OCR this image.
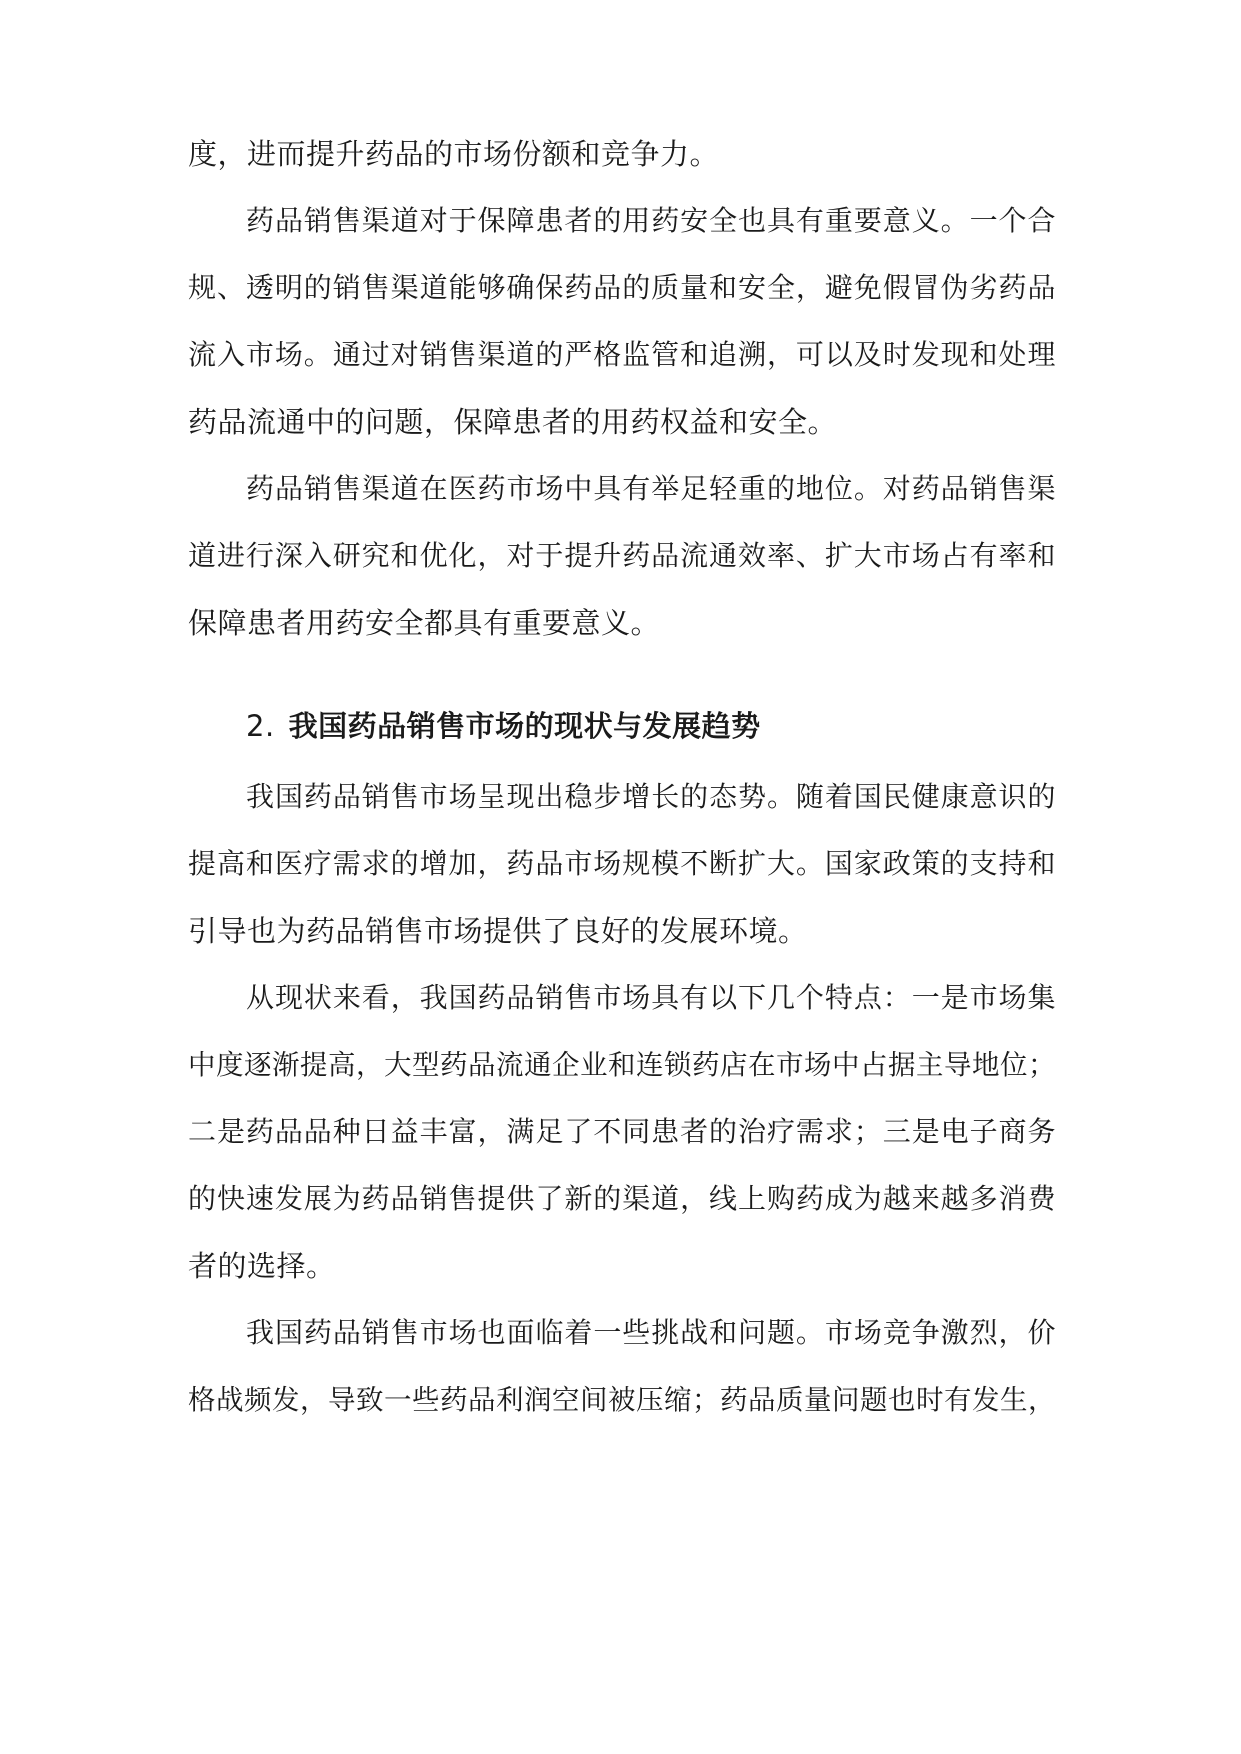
度，进而提升药品的市场份额和竞争力。
药品销售渠道对于保障患者的用药安全也具有重要意义。一个合
规、透明的销售渠道能够确保药品的质量和安全，避免假冒伪劣药品
流入市场。通过对销售渠道的严格监管和追溯，可以及时发现和处理
药品流通中的问题，保障患者的用药权益和安全。
药品销售渠道在医药市场中具有举足轻重的地位。对药品销售渠
道进行深入研究和优化，对于提升药品流通效率、扩大市场占有率和
保障患者用药安全都具有重要意义。
2. 我国药品销售市场的现状与发展趋势
我国药品销售市场呈现出稳步增长的态势。随着国民健康意识的
提高和医疗需求的增加，药品市场规模不断扩大。国家政策的支持和
引导也为药品销售市场提供了良好的发展环境。
从现状来看，我国药品销售市场具有以下几个特点：一是市场集
中度逐渐提高，大型药品流通企业和连锁药店在市场中占据主导地位；
二是药品品种日益丰富，满足了不同患者的治疗需求；三是电子商务
的快速发展为药品销售提供了新的渠道，线上购药成为越来越多消费
者的选择。
我国药品销售市场也面临着一些挑战和问题。市场竞争激烈，价
格战频发，导致一些药品利润空间被压缩；药品质量问题也时有发生，
